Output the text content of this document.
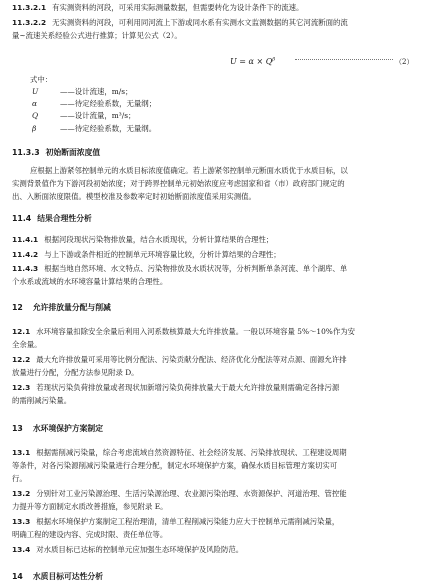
11.3.2.1 有实测资料的河段，可采用实际测量数据，但需要转化为设计条件下的流速。
11.3.2.2 无实测资料的河段，可利用同河流上下游或同水系有实测水文监测数据的其它河流断面的流
量~流速关系经验公式进行推算；计算见公式（2）。
$U = \alpha \times Q^\beta$	（2）
式中：
U	——设计流速，m/s；
α	——待定经验系数，无量纲；
Q	——设计流量，m³/s；
β	——待定经验系数，无量纲。
11.3.3 初始断面浓度值
应根据上游紧邻控制单元的水质目标浓度值确定。若上游紧邻控制单元断面水质优于水质目标，以
实测背景值作为下游河段初始浓度；对于跨界控制单元初始浓度应考虑国家和省（市）政府部门规定的
出、入断面浓度限值。模型校准及参数率定时初始断面浓度值采用实测值。
11.4 结果合理性分析
11.4.1 根据河段现状污染物排放量，结合水质现状，分析计算结果的合理性；
11.4.2 与上下游或条件相近的控制单元环境容量比较，分析计算结果的合理性；
11.4.3 根据当地自然环境、水文特点、污染物排放及水质状况等，分析判断单条河流、单个湖库、单
个水系或流域的水环境容量计算结果的合理性。
12 允许排放量分配与削减
12.1 水环境容量扣除安全余量后利用入河系数核算最大允许排放量。一般以环境容量 5%～10%作为安
全余量。
12.2 最大允许排放量可采用等比例分配法、污染贡献分配法、经济优化分配法等对点源、面源允许排
放量进行分配，分配方法参见附录 D。
12.3 若现状污染负荷排放量或者现状加新增污染负荷排放量大于最大允许排放量则需确定各排污源
的需削减污染量。
13 水环境保护方案制定
13.1 根据需削减污染量，综合考虑流域自然资源特征、社会经济发展、污染排放现状、工程建设周期
等条件，对各污染源削减污染量进行合理分配，制定水环境保护方案，确保水质目标管理方案切实可
行。
13.2 分别针对工业污染源治理、生活污染源治理、农业源污染治理、水资源保护、河道治理、管控能
力提升等方面制定水质改善措施，参见附录 E。
13.3 根据水环境保护方案制定工程治理清，清单工程削减污染能力应大于控制单元需削减污染量，
明确工程的建设内容、完成时限、责任单位等。
13.4 对水质目标已达标的控制单元应加强生态环境保护及风险防范。
14 水质目标可达性分析
